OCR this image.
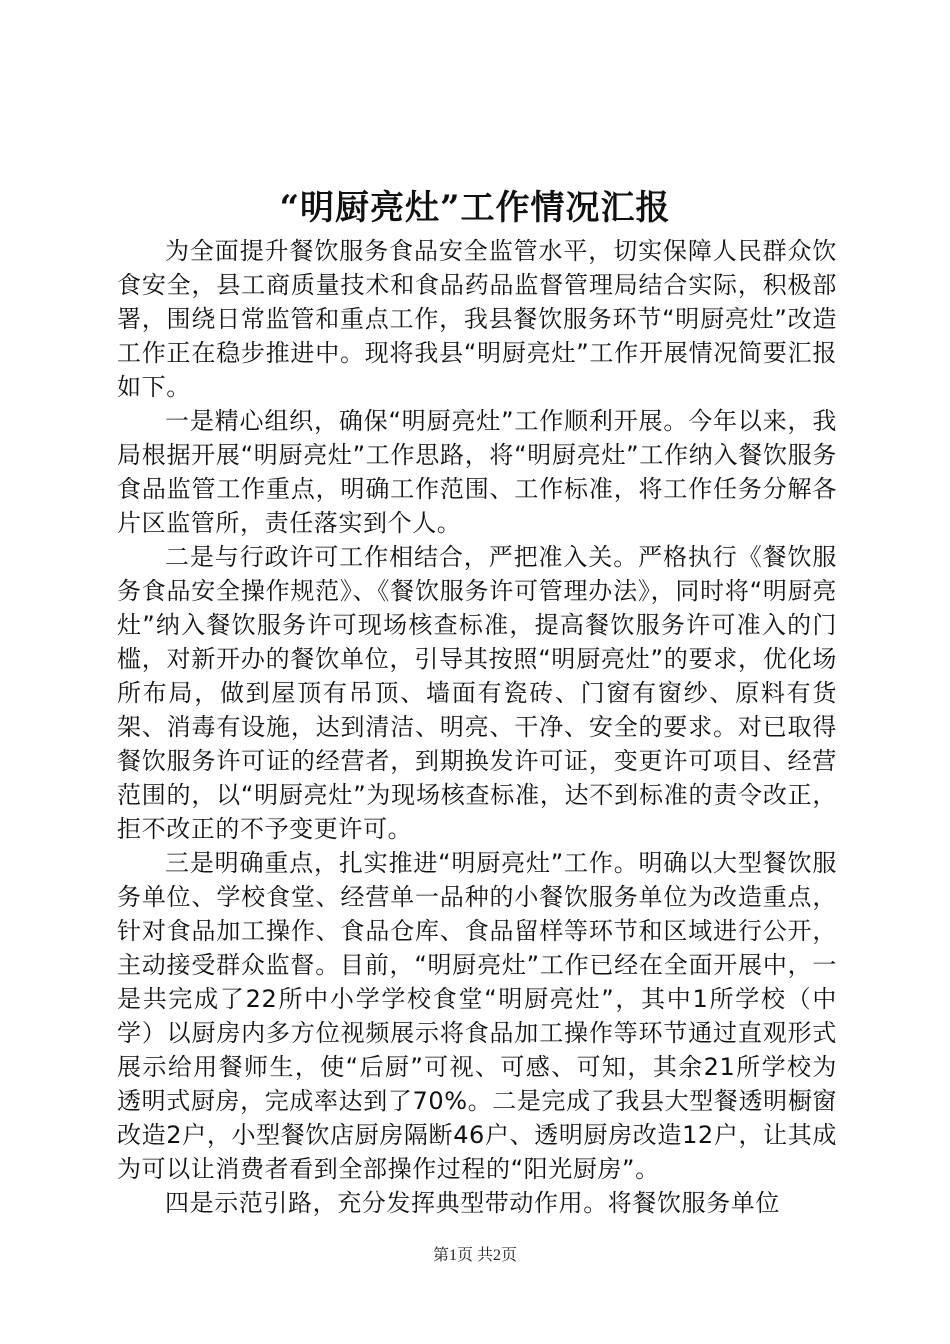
“明厨亮灶”工作情况汇报

为全面提升餐饮服务食品安全监管水平，切实保障人民群众饮食安全，县工商质量技术和食品药品监督管理局结合实际，积极部署，围绕日常监管和重点工作，我县餐饮服务环节“明厨亮灶”改造工作正在稳步推进中。现将我县“明厨亮灶”工作开展情况简要汇报如下。

一是精心组织，确保“明厨亮灶”工作顺利开展。今年以来，我局根据开展“明厨亮灶”工作思路，将“明厨亮灶”工作纳入餐饮服务食品监管工作重点，明确工作范围、工作标准，将工作任务分解各片区监管所，责任落实到个人。

二是与行政许可工作相结合，严把准入关。严格执行《餐饮服务食品安全操作规范》、《餐饮服务许可管理办法》，同时将“明厨亮灶”纳入餐饮服务许可现场核查标准，提高餐饮服务许可准入的门槛，对新开办的餐饮单位，引导其按照“明厨亮灶”的要求，优化场所布局，做到屋顶有吊顶、墙面有瓷砖、门窗有窗纱、原料有货架、消毒有设施，达到清洁、明亮、干净、安全的要求。对已取得餐饮服务许可证的经营者，到期换发许可证，变更许可项目、经营范围的，以“明厨亮灶”为现场核查标准，达不到标准的责令改正，拒不改正的不予变更许可。

三是明确重点，扎实推进“明厨亮灶”工作。明确以大型餐饮服务单位、学校食堂、经营单一品种的小餐饮服务单位为改造重点，针对食品加工操作、食品仓库、食品留样等环节和区域进行公开，主动接受群众监督。目前，“明厨亮灶”工作已经在全面开展中，一是共完成了22所中小学学校食堂“明厨亮灶”，其中1所学校（中学）以厨房内多方位视频展示将食品加工操作等环节通过直观形式展示给用餐师生，使“后厨”可视、可感、可知，其余21所学校为透明式厨房，完成率达到了70%。二是完成了我县大型餐透明橱窗改造2户，小型餐饮店厨房隔断46户、透明厨房改造12户，让其成为可以让消费者看到全部操作过程的“阳光厨房”。

四是示范引路，充分发挥典型带动作用。将餐饮服务单位

第1页 共2页
